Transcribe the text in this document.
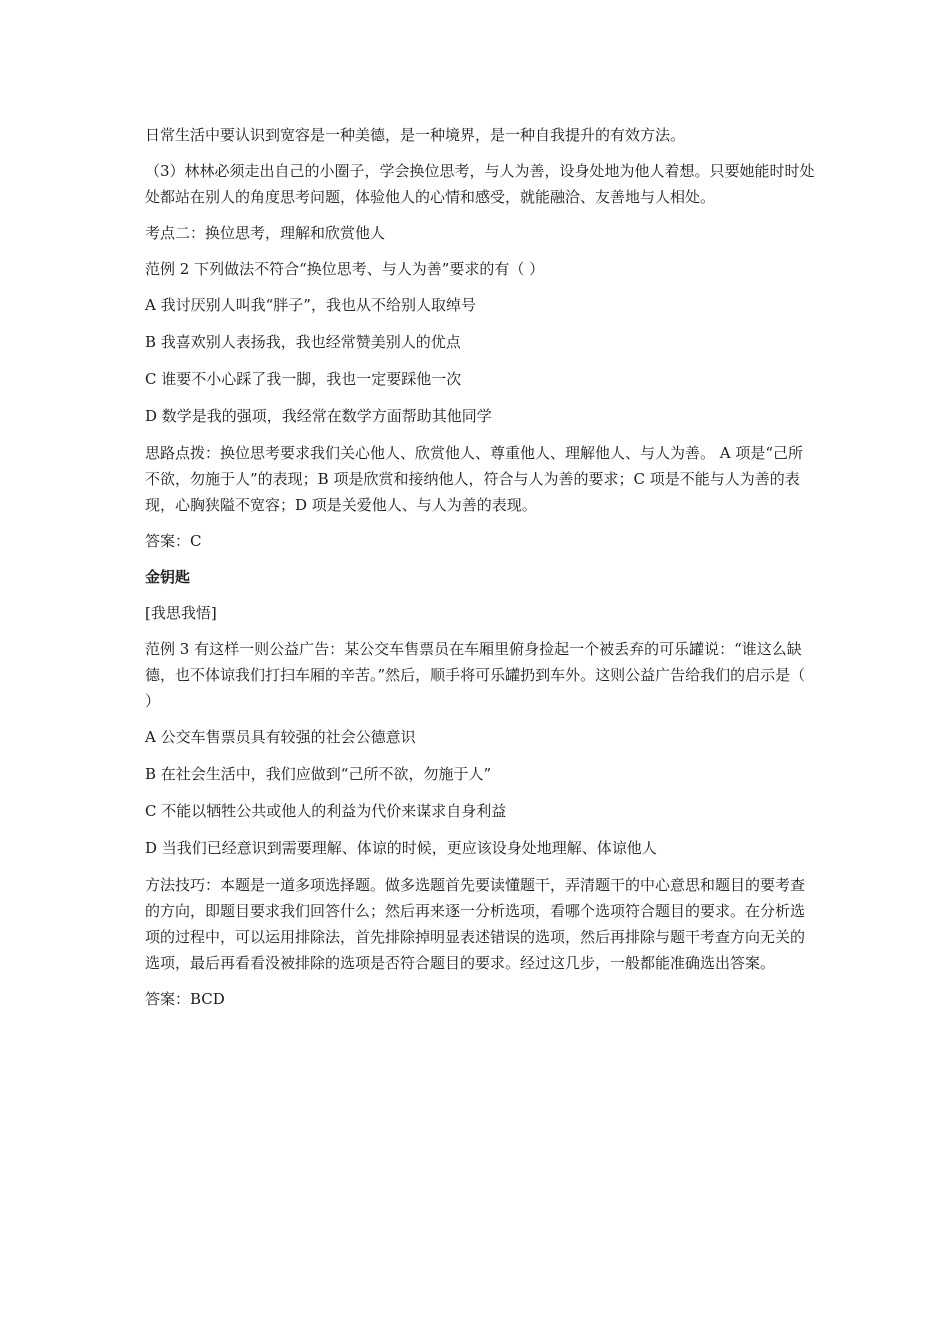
日常生活中要认识到宽容是一种美德，是一种境界，是一种自我提升的有效方法。

（3）林林必须走出自己的小圈子，学会换位思考，与人为善，设身处地为他人着想。只要她能时时处处都站在别人的角度思考问题，体验他人的心情和感受，就能融洽、友善地与人相处。

考点二：换位思考，理解和欣赏他人

范例 2 下列做法不符合“换位思考、与人为善”要求的有（ ）

A 我讨厌别人叫我“胖子”，我也从不给别人取绰号

B 我喜欢别人表扬我，我也经常赞美别人的优点

C 谁要不小心踩了我一脚，我也一定要踩他一次

D 数学是我的强项，我经常在数学方面帮助其他同学

思路点拨：换位思考要求我们关心他人、欣赏他人、尊重他人、理解他人、与人为善。 A 项是“己所不欲，勿施于人”的表现；B 项是欣赏和接纳他人，符合与人为善的要求；C 项是不能与人为善的表现，心胸狭隘不宽容；D 项是关爱他人、与人为善的表现。

答案：C

金钥匙

[我思我悟]

范例 3 有这样一则公益广告：某公交车售票员在车厢里俯身捡起一个被丢弃的可乐罐说：“谁这么缺德，也不体谅我们打扫车厢的辛苦。”然后，顺手将可乐罐扔到车外。这则公益广告给我们的启示是（ ）

A 公交车售票员具有较强的社会公德意识

B 在社会生活中，我们应做到“己所不欲，勿施于人”

C 不能以牺牲公共或他人的利益为代价来谋求自身利益

D 当我们已经意识到需要理解、体谅的时候，更应该设身处地理解、体谅他人

方法技巧：本题是一道多项选择题。做多选题首先要读懂题干，弄清题干的中心意思和题目的要考查的方向，即题目要求我们回答什么；然后再来逐一分析选项，看哪个选项符合题目的要求。在分析选项的过程中，可以运用排除法，首先排除掉明显表述错误的选项，然后再排除与题干考查方向无关的选项，最后再看看没被排除的选项是否符合题目的要求。经过这几步，一般都能准确选出答案。

答案：BCD
